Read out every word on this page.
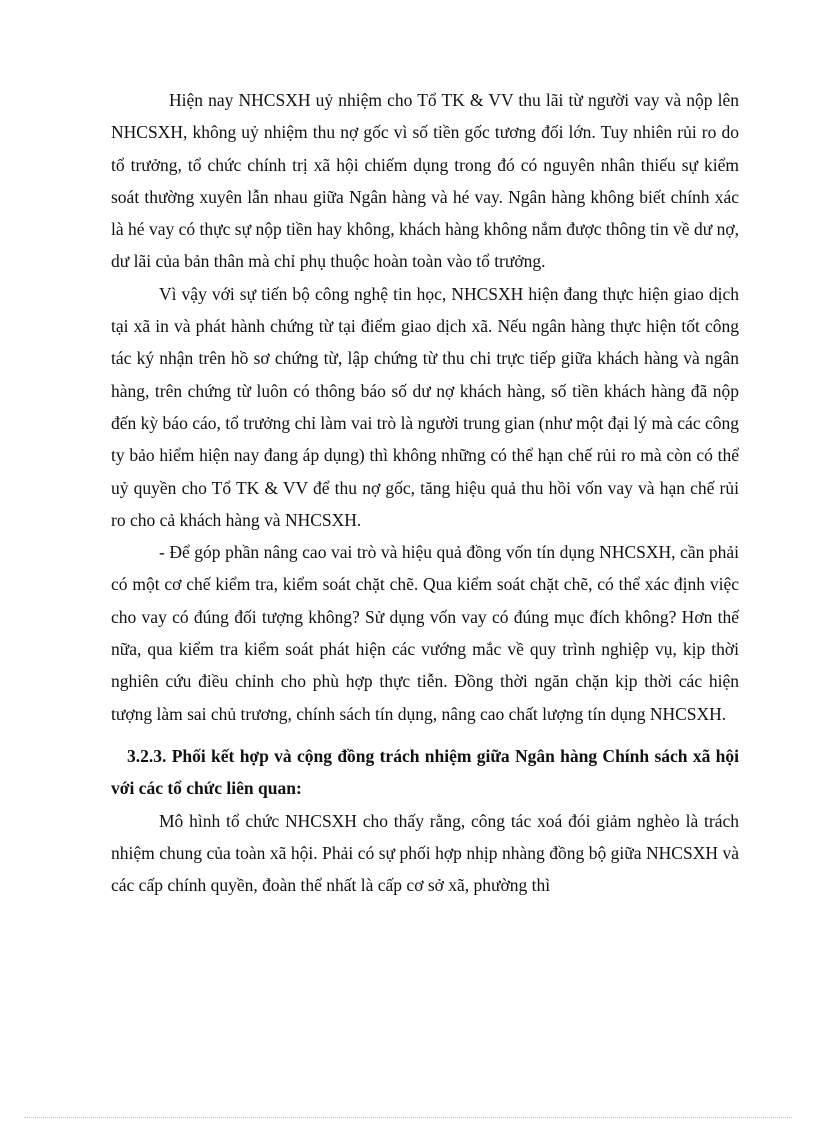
Hiện nay NHCSXH uỷ nhiệm cho Tổ TK & VV thu lãi từ người vay và nộp lên NHCSXH, không uỷ nhiệm thu nợ gốc vì số tiền gốc tương đối lớn. Tuy nhiên rủi ro do tổ trưởng, tổ chức chính trị xã hội chiếm dụng trong đó có nguyên nhân thiếu sự kiểm soát thường xuyên lẫn nhau giữa Ngân hàng và hé vay. Ngân hàng không biết chính xác là hé vay có thực sự nộp tiền hay không, khách hàng không nắm được thông tin về dư nợ, dư lãi của bản thân mà chỉ phụ thuộc hoàn toàn vào tổ trưởng.

Vì vậy với sự tiến bộ công nghệ tin học, NHCSXH hiện đang thực hiện giao dịch tại xã in và phát hành chứng từ tại điểm giao dịch xã. Nếu ngân hàng thực hiện tốt công tác ký nhận trên hồ sơ chứng từ, lập chứng từ thu chi trực tiếp giữa khách hàng và ngân hàng, trên chứng từ luôn có thông báo số dư nợ khách hàng, số tiền khách hàng đã nộp đến kỳ báo cáo, tổ trưởng chỉ làm vai trò là người trung gian (như một đại lý mà các công ty bảo hiểm hiện nay đang áp dụng) thì không những có thể hạn chế rủi ro mà còn có thể uỷ quyền cho Tổ TK & VV để thu nợ gốc, tăng hiệu quả thu hồi vốn vay và hạn chế rủi ro cho cả khách hàng và NHCSXH.

- Để góp phần nâng cao vai trò và hiệu quả đồng vốn tín dụng NHCSXH, cần phải có một cơ chế kiểm tra, kiểm soát chặt chẽ. Qua kiểm soát chặt chẽ, có thể xác định việc cho vay có đúng đối tượng không? Sử dụng vốn vay có đúng mục đích không? Hơn thế nữa, qua kiểm tra kiểm soát phát hiện các vướng mắc về quy trình nghiệp vụ, kịp thời nghiên cứu điều chỉnh cho phù hợp thực tiễn. Đồng thời ngăn chặn kịp thời các hiện tượng làm sai chủ trương, chính sách tín dụng, nâng cao chất lượng tín dụng NHCSXH.

3.2.3. Phối kết hợp và cộng đồng trách nhiệm giữa Ngân hàng Chính sách xã hội với các tổ chức liên quan:

Mô hình tổ chức NHCSXH cho thấy rằng, công tác xoá đói giảm nghèo là trách nhiệm chung của toàn xã hội. Phải có sự phối hợp nhịp nhàng đồng bộ giữa NHCSXH và các cấp chính quyền, đoàn thể nhất là cấp cơ sở xã, phường thì
